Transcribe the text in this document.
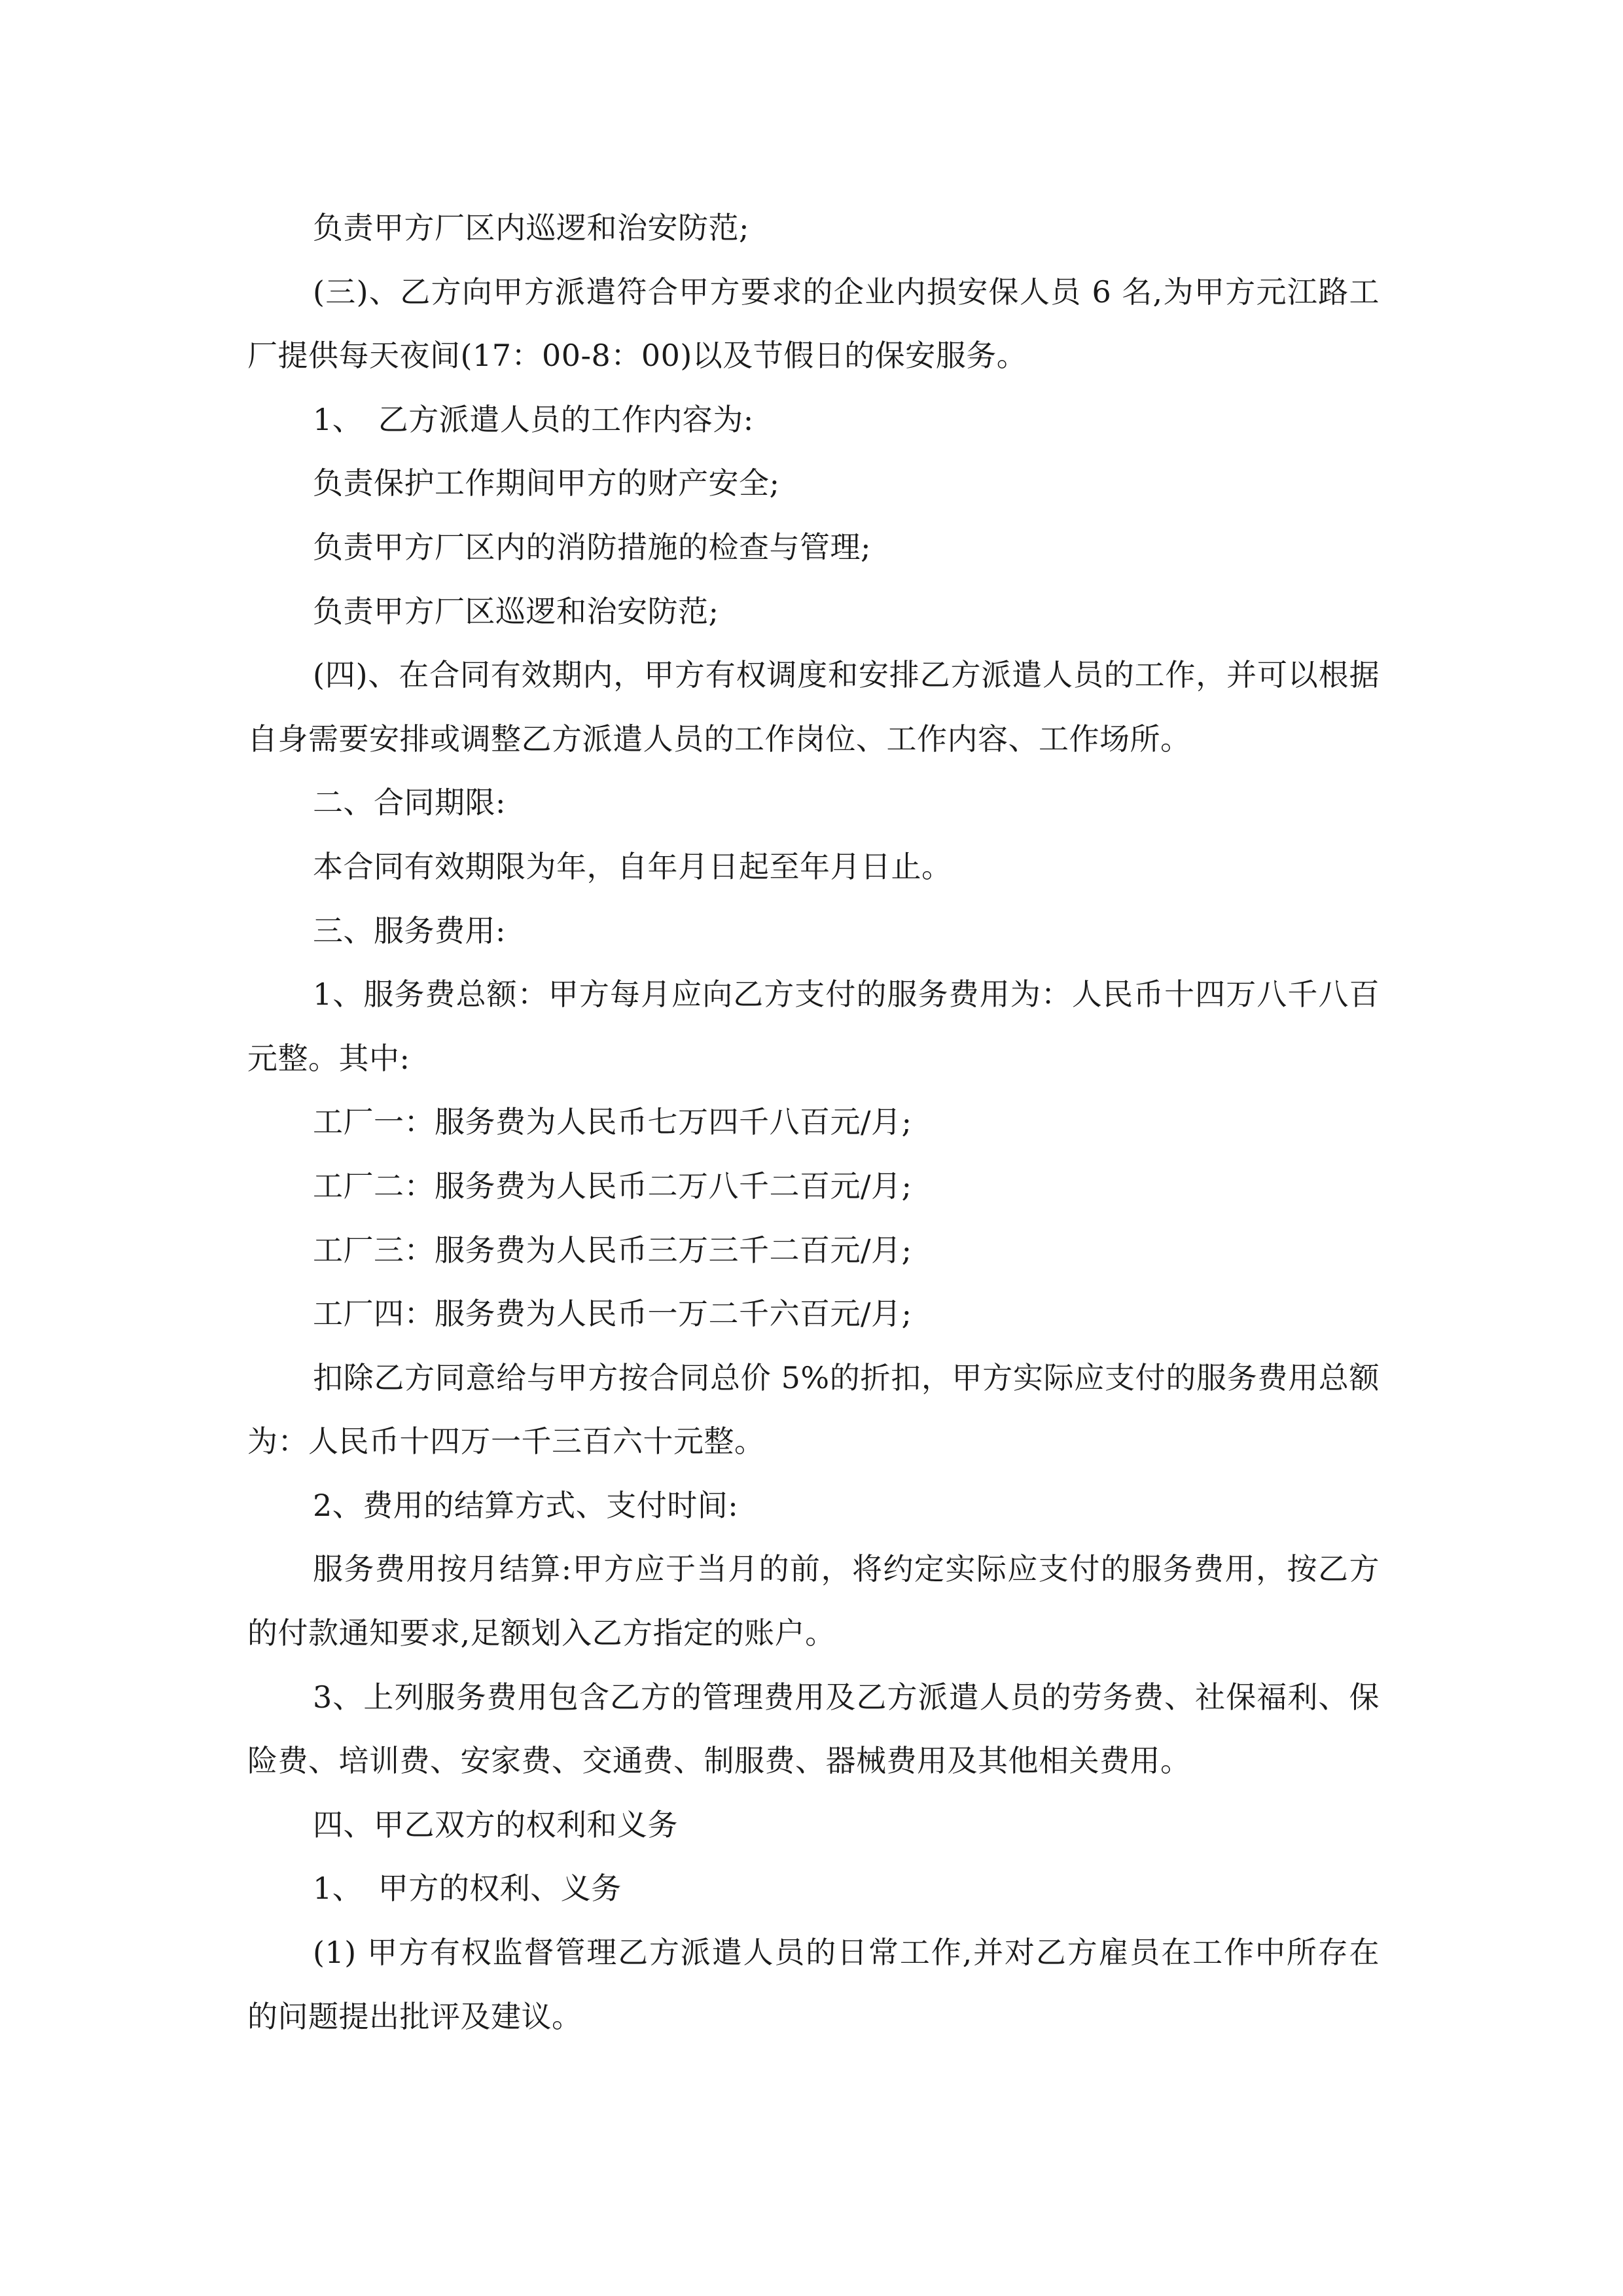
负责甲方厂区内巡逻和治安防范;

(三)、乙方向甲方派遣符合甲方要求的企业内损安保人员 6 名,为甲方元江路工厂提供每天夜间(17：00-8：00)以及节假日的保安服务。

1、　乙方派遣人员的工作内容为:

负责保护工作期间甲方的财产安全;

负责甲方厂区内的消防措施的检查与管理;

负责甲方厂区巡逻和治安防范;

(四)、在合同有效期内，甲方有权调度和安排乙方派遣人员的工作，并可以根据自身需要安排或调整乙方派遣人员的工作岗位、工作内容、工作场所。

二、合同期限:

本合同有效期限为年，自年月日起至年月日止。

三、服务费用:

1、服务费总额：甲方每月应向乙方支付的服务费用为：人民币十四万八千八百元整。其中:

工厂一：服务费为人民币七万四千八百元/月;

工厂二：服务费为人民币二万八千二百元/月;

工厂三：服务费为人民币三万三千二百元/月;

工厂四：服务费为人民币一万二千六百元/月;

扣除乙方同意给与甲方按合同总价 5%的折扣，甲方实际应支付的服务费用总额为：人民币十四万一千三百六十元整。

2、费用的结算方式、支付时间:

服务费用按月结算:甲方应于当月的前，将约定实际应支付的服务费用，按乙方的付款通知要求,足额划入乙方指定的账户。

3、上列服务费用包含乙方的管理费用及乙方派遣人员的劳务费、社保福利、保险费、培训费、安家费、交通费、制服费、器械费用及其他相关费用。

四、甲乙双方的权利和义务

1、　甲方的权利、义务

(1) 甲方有权监督管理乙方派遣人员的日常工作,并对乙方雇员在工作中所存在的问题提出批评及建议。
